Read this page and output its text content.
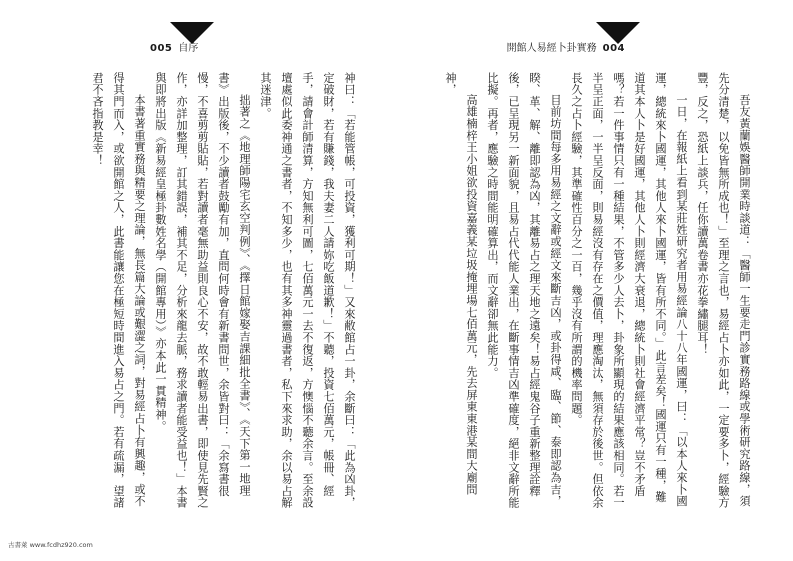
005 自序

神曰：「若能管帳，可投資，獲利可期！」又來敝館占一卦，余斷曰：「此為凶卦，定破財，若有賺錢，我夫妻二人請妳吃飯道歉！」不聽，投資七佰萬元，帳冊、經手，請會計師清算，方知無利可圖，七佰萬元一去不復返，方懊惱不聽余言。至余設壇處似此委神通之書者，不知多少，也有其多神靈過書者，私下來求助，余以易占解其迷津。

拙著之《地理師陽宅玄空判例》、《擇日館嫁娶吉課細批全書》、《天下第一地理書》出版後，不少讀者鼓勵有加，直問何時會有新書問世，余皆對曰：「余寫書很慢，不喜剪剪貼貼，若對讀者毫無助益則良心不安，故不敢輕易出書，即使見先賢之作，亦詳加整理，訂其錯誤，補其不足，分析來龍去脈，務求讀者能受益也！」本書與即將出版《新易經皇極卦數姓名學（開館專用）》亦本此一貫精神。

本書著重實務與精要之理論，無長篇大論或艱澀之詞，對易經占卜有興趣，或不得其門而入，或欲開館之人，此書能讓您在極短時間進入易占之門。若有疏漏，望諸君不吝指教是幸！

開館人易經卜卦實務 004

吾友黃蘭娛醫師開業時談道：「醫師一生要走門診實務路線或學術研究路線，須先分清楚，以免皆無所成也！」至理之言也，易經占卜亦如此，一定要多卜，經驗方豐，反之，恐紙上談兵，任你讀萬卷書亦花拳繡腿耳！

一日，在報紙上看到某莊姓研究者用易經論八十八年國運，曰：「以本人來卜國運，總統來卜國運，其他人來卜國運，皆有所不同。」此言差矣！國運只有一種，難道其本人卜是好國運，其他人卜則經濟大衰退，總統卜則社會經濟平常？豈不矛盾嗎？若一件事情只有一種結果，不管多少人去卜，卦象所顯現的結果應該相同。若一半呈正面，一半呈反面，則易經沒有存在之價值，理應淘汰，無須存於後世。但依余長久之占卜經驗，其準確性百分之一百，幾乎沒有所謂的機率問題。

目前坊間每多用易經之文辭或經文來斷吉凶，或卦得咸、臨、節、泰即認為吉，睽、革、解、離即認為凶，其離易占之理天地之遠矣！易占經鬼谷子重新整理詮釋後，已呈現另一新面貌，且易占代代能人業出，在斷事情吉凶準確度，絕非文辭所能比擬。再者，應驗之時間能明確算出，而文辭卻無此能力。

高雄楠梓王小姐欲投資嘉義某垃圾掩埋場七佰萬元，先去屏東東港某間大廟問神，

古書萊 www.fcdhz920.com
